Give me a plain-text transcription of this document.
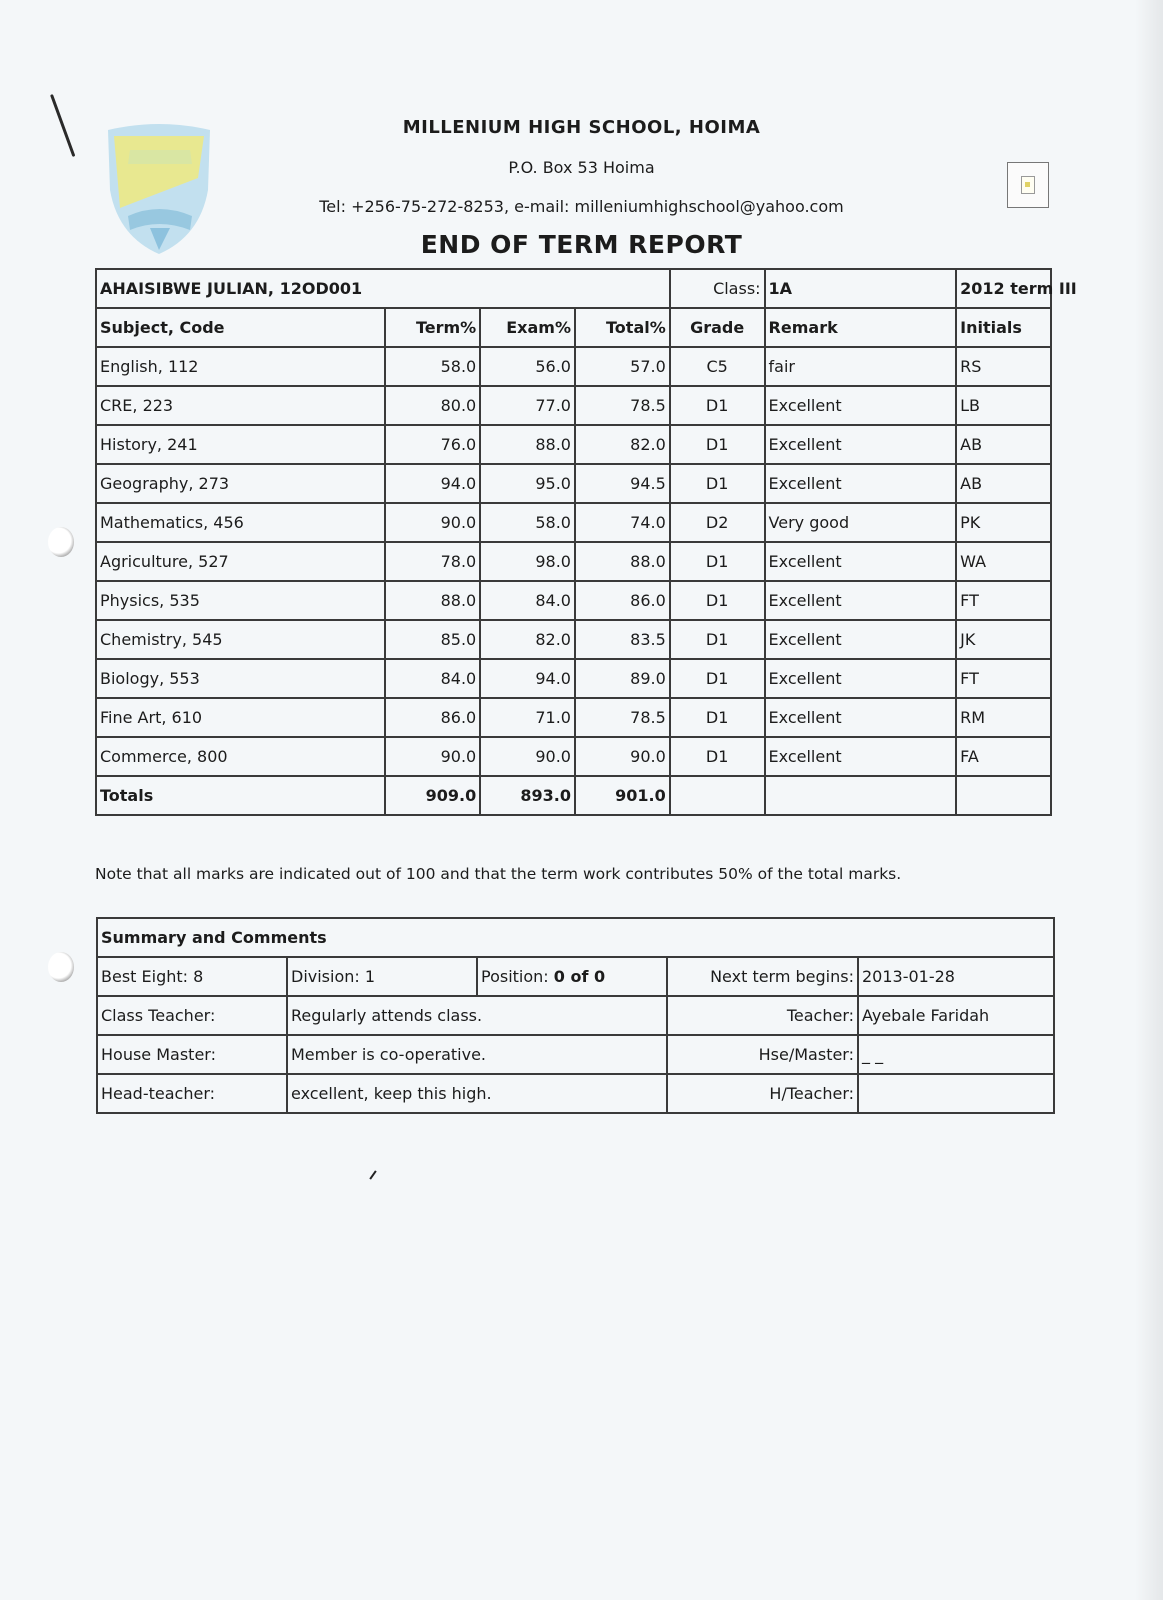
MILLENIUM HIGH SCHOOL, HOIMA
P.O. Box 53 Hoima
Tel: +256-75-272-8253, e-mail: milleniumhighschool@yahoo.com
END OF TERM REPORT
AHAISIBWE JULIAN, 12OD001				Class:	1A	2012 term III
Subject, Code	Term%	Exam%	Total%	Grade	Remark	Initials
English, 112	58.0	56.0	57.0	C5	fair	RS
CRE, 223	80.0	77.0	78.5	D1	Excellent	LB
History, 241	76.0	88.0	82.0	D1	Excellent	AB
Geography, 273	94.0	95.0	94.5	D1	Excellent	AB
Mathematics, 456	90.0	58.0	74.0	D2	Very good	PK
Agriculture, 527	78.0	98.0	88.0	D1	Excellent	WA
Physics, 535	88.0	84.0	86.0	D1	Excellent	FT
Chemistry, 545	85.0	82.0	83.5	D1	Excellent	JK
Biology, 553	84.0	94.0	89.0	D1	Excellent	FT
Fine Art, 610	86.0	71.0	78.5	D1	Excellent	RM
Commerce, 800	90.0	90.0	90.0	D1	Excellent	FA
Totals	909.0	893.0	901.0			
Note that all marks are indicated out of 100 and that the term work contributes 50% of the total marks.
Summary and Comments				
Best Eight: 8	Division: 1	Position: 0 of 0	Next term begins:	2013-01-28
Class Teacher:	Regularly attends class.		Teacher:	Ayebale Faridah
House Master:	Member is co-operative.		Hse/Master:	_ _
Head-teacher:	excellent, keep this high.		H/Teacher:	
